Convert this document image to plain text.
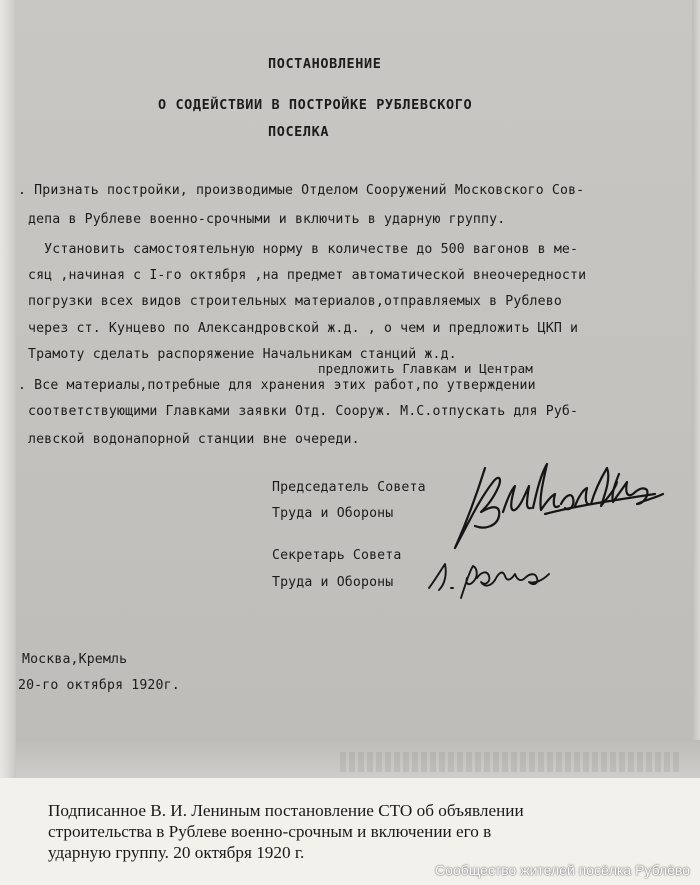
ПОСТАНОВЛЕНИЕ
О СОДЕЙСТВИИ В ПОСТРОЙКЕ РУБЛЕВСКОГО
ПОСЕЛКА
. Признать постройки, производимые Отделом Сооружений Московского Сов-
депа в Рублеве военно-срочными и включить в ударную группу.
Установить самостоятельную норму в количестве до 500 вагонов в ме-
сяц ,начиная с I-го октября ,на предмет автоматической внеочередности
погрузки всех видов строительных материалов,отправляемых в Рублево
через ст. Кунцево по Александровской ж.д. , о чем и предложить ЦКП и
Трамоту сделать распоряжение Начальникам станций ж.д.
предложить Главкам и Центрам
. Все материалы,потребные для хранения этих работ,по утверждении
соответствующими Главками заявки Отд. Сооруж. М.С.отпускать для Руб-
левской водонапорной станции вне очереди.
Председатель Совета
Труда и Обороны
Секретарь Совета
Труда и Обороны
Москва,Кремль
20-го октября 1920г.
Подписанное В. И. Лениным постановление СТО об объявлении
строительства в Рублеве военно-срочным и включении его в
ударную группу. 20 октября 1920 г.
Сообщество жителей посёлка Рублёво
